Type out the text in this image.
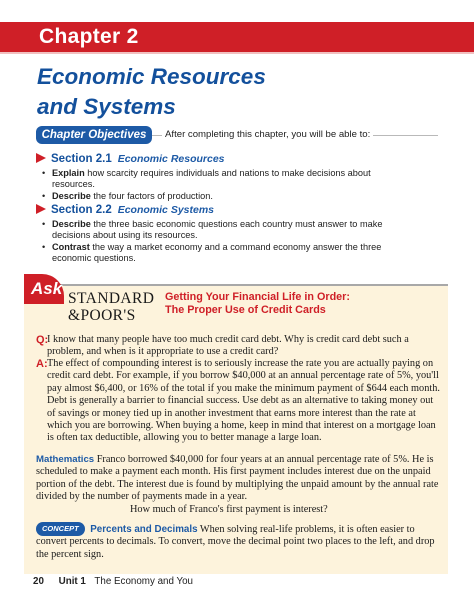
Chapter 2
Economic Resources
and Systems
Chapter Objectives	After completing this chapter, you will be able to:
Section 2.1 Economic Resources
• Explain how scarcity requires individuals and nations to make decisions about resources.
• Describe the four factors of production.
Section 2.2 Economic Systems
• Describe the three basic economic questions each country must answer to make decisions about using its resources.
• Contrast the way a market economy and a command economy answer the three economic questions.
Ask
STANDARD
&POOR'S
Getting Your Financial Life in Order:
The Proper Use of Credit Cards
Q:
I know that many people have too much credit card debt. Why is credit card debt such a problem, and when is it appropriate to use a credit card?
A: The effect of compounding interest is to seriously increase the rate you are actually paying on credit card debt. For example, if you borrow $40,000 at an annual percentage rate of 5%, you'll pay almost $6,400, or 16% of the total if you make the minimum payment of $644 each month. Debt is generally a barrier to financial success. Use debt as an alternative to taking money out of savings or money tied up in another investment that earns more interest than the rate at which you are borrowing. When buying a home, keep in mind that interest on a mortgage loan is often tax deductible, allowing you to better manage a large loan.
Mathematics Franco borrowed $40,000 for four years at an annual percentage rate of 5%. He is scheduled to make a payment each month. His first payment includes interest due on the unpaid portion of the debt. The interest due is found by multiplying the unpaid amount by the annual rate divided by the number of payments made in a year.
How much of Franco's first payment is interest?
CONCEPT Percents and Decimals When solving real-life problems, it is often easier to convert percents to decimals. To convert, move the decimal point two places to the left, and drop the percent sign.
20 Unit 1 The Economy and You
